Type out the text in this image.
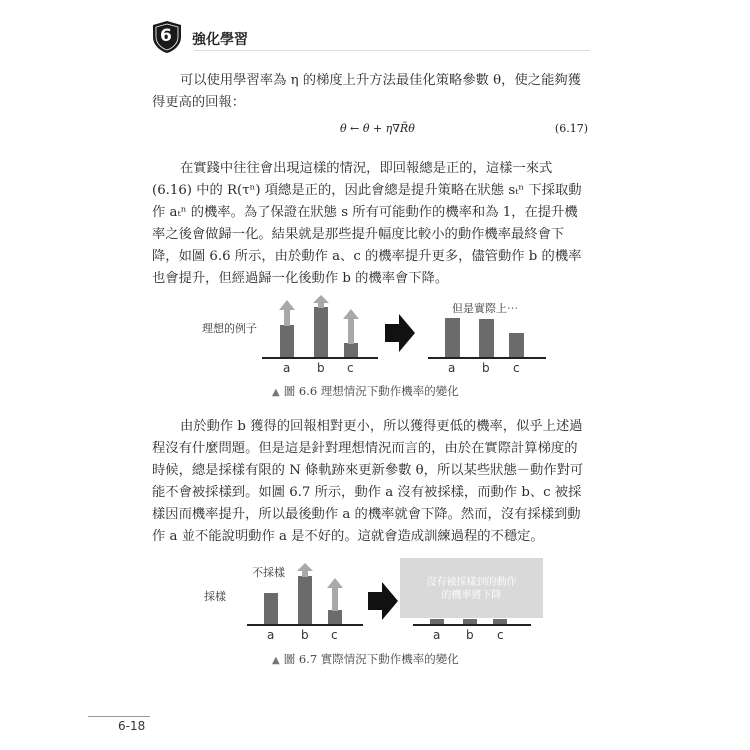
6 強化學習

可以使用學習率為 η 的梯度上升方法最佳化策略參數 θ，使之能夠獲得更高的回報：

θ ← θ + η∇R̄θ	(6.17)

在實踐中往往會出現這樣的情況，即回報總是正的，這樣一來式 (6.16) 中的 R(τⁿ) 項總是正的，因此會總是提升策略在狀態 sₜⁿ 下採取動作 aₜⁿ 的機率。為了保證在狀態 s 所有可能動作的機率和為 1，在提升機率之後會做歸一化。結果就是那些提升幅度比較小的動作機率最終會下降，如圖 6.6 所示，由於動作 a、c 的機率提升更多，儘管動作 b 的機率也會提升，但經過歸一化後動作 b 的機率會下降。

理想的例子
a b c
但是實際上⋯
a b c
▲ 圖 6.6 理想情況下動作機率的變化

由於動作 b 獲得的回報相對更小，所以獲得更低的機率，似乎上述過程沒有什麼問題。但是這是針對理想情況而言的，由於在實際計算梯度的時候，總是採樣有限的 N 條軌跡來更新參數 θ，所以某些狀態－動作對可能不會被採樣到。如圖 6.7 所示，動作 a 沒有被採樣，而動作 b、c 被採樣因而機率提升，所以最後動作 a 的機率就會下降。然而，沒有採樣到動作 a 並不能說明動作 a 是不好的。這就會造成訓練過程的不穩定。

採樣
不採樣
a b c
沒有被採樣到的動作
的機率將下降
a b c
▲ 圖 6.7 實際情況下動作機率的變化
6-18
